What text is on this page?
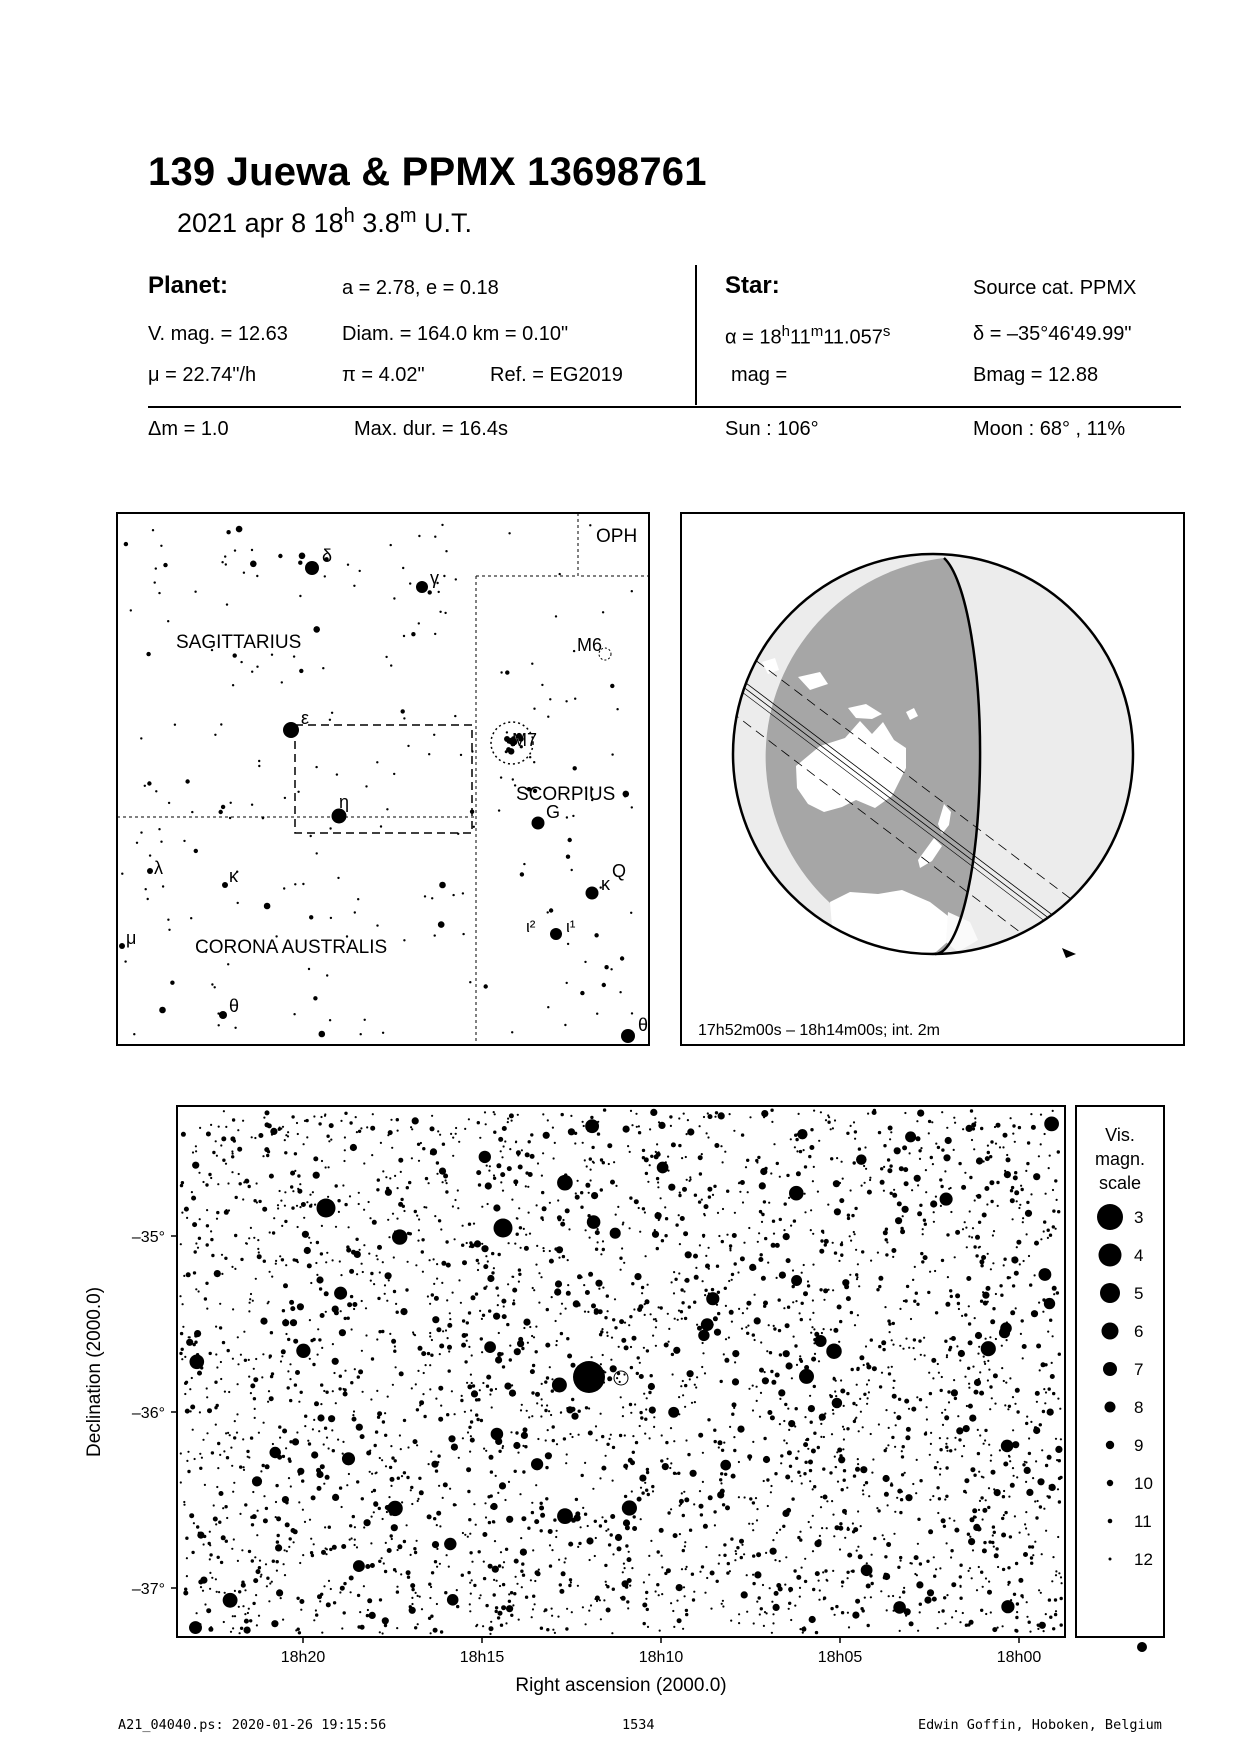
139 Juewa & PPMX 13698761
2021 apr 8 18$^h$ 3.8$^m$ U.T.
Planet:	a = 2.78, e = 0.18
V. mag. = 12.63	Diam. = 164.0 km = 0.10"
μ = 22.74"/h	π = 4.02"	Ref. = EG2019
Star:	Source cat. PPMX
$\alpha = 18^h11^m11.057^s$	δ = –35°46'49.99"
mag =	Bmag = 12.88
Δm = 1.0	Max. dur. = 16.4s	Sun : 106°	Moon : 68° , 11%
OPH
SAGITTARIUS
SCORPIUS
CORONA AUSTRALIS
M6
M7
δ
γ
ε
η	G
Q
κ
λ	κ
μ
ι² ι¹
θ
θ	17h52m00s – 18h14m00s; int. 2m
–35°
–36°
–37°
18h20	18h15	18h10	18h05	18h00
Right ascension (2000.0)
Declination (2000.0)
Vis.
magn.
scale
3
4
5
6
7
8
9
10
11
12
A21_04040.ps: 2020-01-26 19:15:56	1534	Edwin Goffin, Hoboken, Belgium
